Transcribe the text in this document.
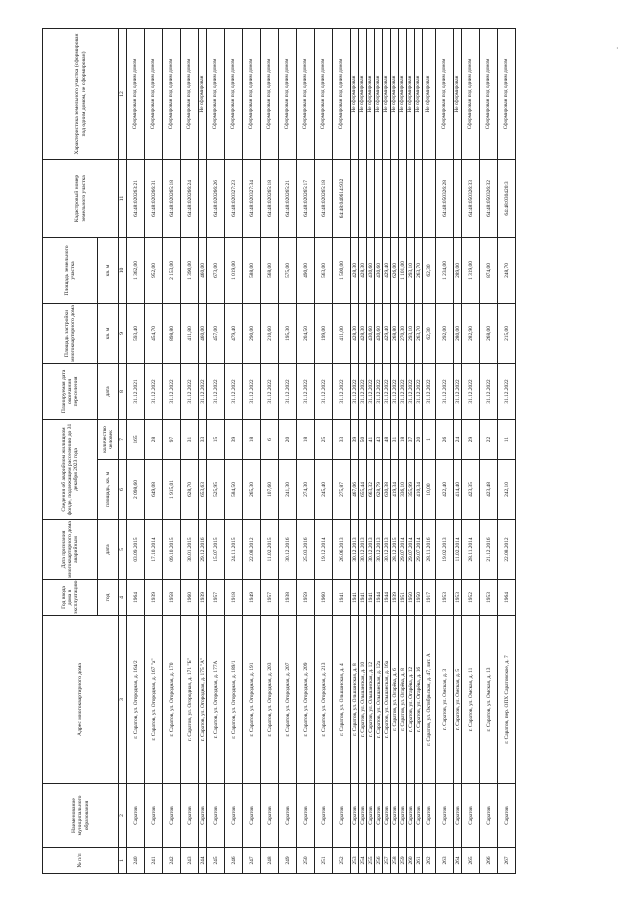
№ п/п	Наименование муниципального образования	Адрес многоквартирного дома	Год ввода дома в эксплуатацию	Дата признания многоквартирного дома аварийным	Сведения об аварийном жилищном фонде, подлежащем расселению до 31 декабря 2023 года		Планируемая дата окончания переселения	Площадь застройки многоквартирного дома	Площадь земельного участка	Кадастровый номер земельного участка	Характеристика земельного участка (сформирован под одним домом, не сформирован)
			год	дата	площадь, кв. м	количество человек	дата	кв. м	кв. м		
1	2	3	4	5	6	7	8	9	10	11	12
240	Саратов	г. Саратов, ул. Огородная, д. 164/2	1964	03.09.2015	2 098,60	165	31.12.2021	593,40	1 362,00	64:48:020263:21	Сформирован под одним домом
241	Саратов	г. Саратов, ул. Огородная, д. 167 "а"	1939	17.10.2014	649,08	28	31.12.2022	454,70	952,00	64:48:020266:31	Сформирован под одним домом
242	Саратов	г. Саратов, ул. Огородная, д. 170	1958	09.10.2015	1 915,01	97	31.12.2022	898,80	2 153,00	64:48:020265:18	Сформирован под одним домом
243	Саратов	г. Саратов, ул. Огородная, д. 171 "Б"	1960	30.01.2015	628,70	31	31.12.2022	411,80	1 390,00	64:48:020266:24	Сформирован под одним домом
244	Саратов	г. Саратов, ул. Огородная, д. 175 "А"	1939	29.12.2016	653,63	33	31.12.2022	460,00	460,00		Не сформирован
245	Саратов	г. Саратов, ул. Огородная, д. 177А	1957	15.07.2015	525,95	15	31.12.2022	457,00	673,00	64:48:020266:26	Сформирован под одним домом
246	Саратов	г. Саратов, ул. Огородная, д. 189/1	1918	24.11.2015	584,50	39	31.12.2022	479,40	1 019,00	64:48:020327:23	Сформирован под одним домом
247	Саратов	г. Саратов, ул. Огородная, д. 191	1949	22.08.2012	265,30	18	31.12.2022	290,00	588,00	64:48:020327:34	Сформирован под одним домом
248	Саратов	г. Саратов, ул. Огородная, д. 203	1957	11.02.2015	107,60	6	31.12.2022	210,60	568,00	64:48:020265:18	Сформирован под одним домом
249	Саратов	г. Саратов, ул. Огородная, д. 207	1938	30.12.2016	241,30	20	31.12.2022	195,30	575,00	64:48:020265:21	Сформирован под одним домом
250	Саратов	г. Саратов, ул. Огородная, д. 209	1959	25.03.2016	274,30	18	31.12.2022	204,50	490,00	64:48:020265:17	Сформирован под одним домом
251	Саратов	г. Саратов, ул. Огородная, д. 213	1960	19.12.2014	245,40	25	31.12.2022	199,00	563,00	64:48:020265:18	Сформирован под одним домом
252	Саратов	г. Саратов, ул. Ольшанская, д. 4	1941	26.06.2013	275,87	33	31.12.2022	411,00	1 500,00	64:48:040614:932	Сформирован под одним домом
253	Саратов	г. Саратов, ул. Ольшанская, д. 8	1941	30.12.2013	467,06	39	31.12.2022	428,30	428,30		Не сформирован
254	Саратов	г. Саратов, ул. Ольшанская, д. 10	1941	30.12.2013	655,44	50	31.12.2022	428,30	428,30		Не сформирован
255	Саратов	г. Саратов, ул. Ольшанская, д. 12	1941	30.12.2013	663,32	41	31.12.2022	430,60	430,60		Не сформирован
256	Саратов	г. Саратов, ул. Ольшанская, д. 12а	1944	30.12.2013	628,79	43	31.12.2022	430,60	430,60		Не сформирован
257	Саратов	г. Саратов, ул. Ольшанская, д. 16а	1944	30.12.2013	630,38	48	31.12.2022	429,40	429,40		Не сформирован
258	Саратов	г. Саратов, ул. Огарёва, д. 6	1939	28.12.2015	419,34	31	31.12.2022	268,80	626,00		Не сформирован
259	Саратов	г. Саратов, ул. Огарёва, д. 8	1951	29.07.2014	336,10	18	31.12.2022	270,30	1 101,00		Не сформирован
260	Саратов	г. Саратов, ул. Огарёва, д. 12	1950	29.07.2014	355,99	37	31.12.2022	293,10	293,10		Не сформирован
261	Саратов	г. Саратов, ул. Огарёва, д. 16	1950	29.07.2014	410,34	20	31.12.2022	263,70	263,70		Не сформирован
262	Саратов	г. Саратов, ул. Октябрьская, д. 47, лит. А	1917	28.11.2016	10,00	1	31.12.2022	62,30	62,30		Не сформирован
263	Саратов	г. Саратов, ул. Омская, д. 3	1953	19.02.2013	422,40	26	31.12.2022	292,00	1 234,00	64:48:050326:28	Сформирован под одним домом
264	Саратов	г. Саратов, ул. Омская, д. 5	1953	11.02.2014	414,40	24	31.12.2022	280,00	289,00		Не сформирован
265	Саратов	г. Саратов, ул. Омская, д. 11	1952	28.11.2014	423,35	29	31.12.2022	282,90	1 319,00	64:48:050326:33	Сформирован под одним домом
266	Саратов	г. Саратов, ул. Омская, д. 13	1953	21.12.2016	423,48	22	31.12.2022	268,00	874,00	64:48:050326:32	Сформирован под одним домом
267	Саратов	г. Саратов, пер. ОПХ Саратовское, д. 7	1964	22.08.2012	242,10	11	31.12.2022	215,00	248,70	64:48:030420:3	Сформирован под одним домом
·
